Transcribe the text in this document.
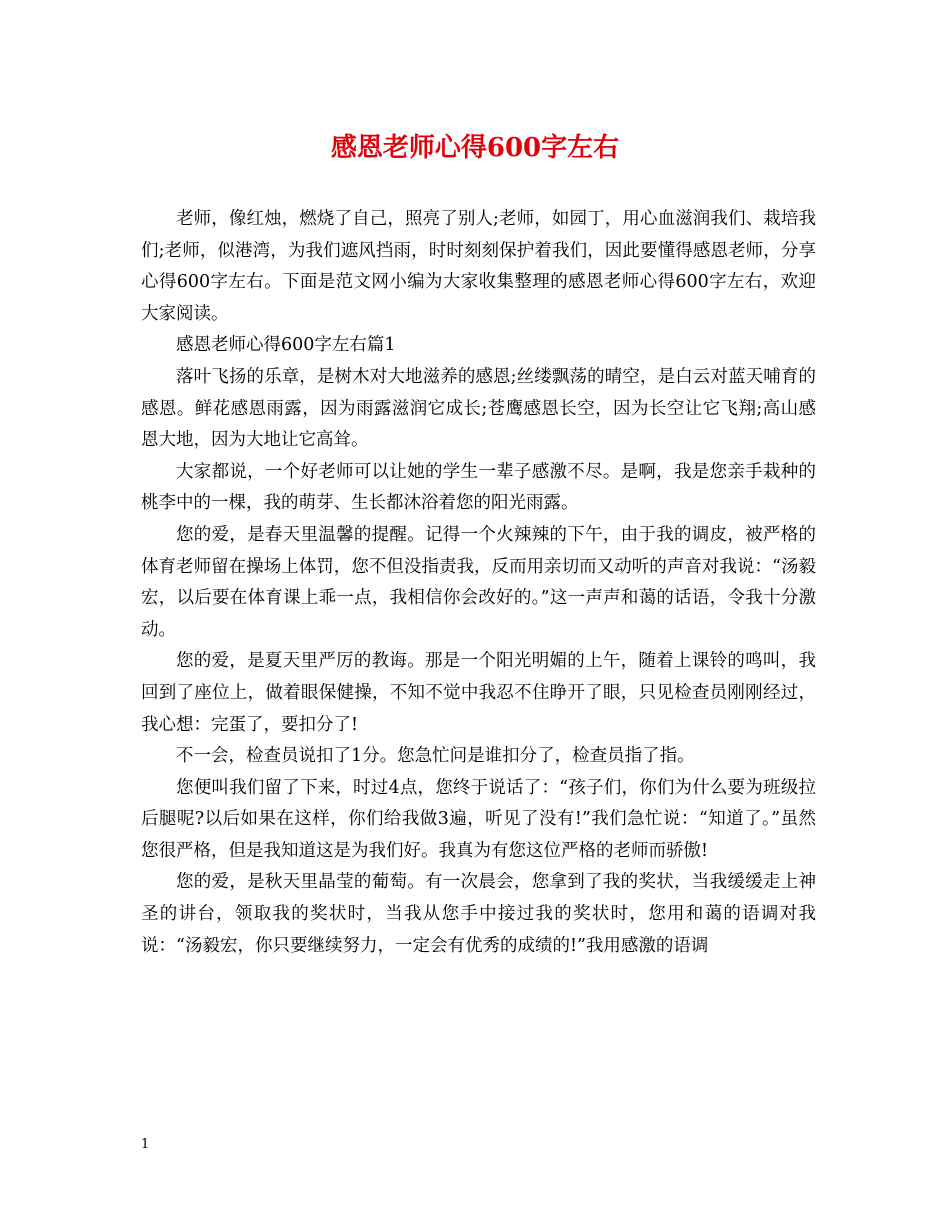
感恩老师心得600字左右

老师，像红烛，燃烧了自己，照亮了别人;老师，如园丁，用心血滋润我们、栽培我们;老师，似港湾，为我们遮风挡雨，时时刻刻保护着我们，因此要懂得感恩老师，分享心得600字左右。下面是范文网小编为大家收集整理的感恩老师心得600字左右，欢迎大家阅读。

感恩老师心得600字左右篇1

落叶飞扬的乐章，是树木对大地滋养的感恩;丝缕飘荡的晴空，是白云对蓝天哺育的感恩。鲜花感恩雨露，因为雨露滋润它成长;苍鹰感恩长空，因为长空让它飞翔;高山感恩大地，因为大地让它高耸。

大家都说，一个好老师可以让她的学生一辈子感激不尽。是啊，我是您亲手栽种的桃李中的一棵，我的萌芽、生长都沐浴着您的阳光雨露。

您的爱，是春天里温馨的提醒。记得一个火辣辣的下午，由于我的调皮，被严格的体育老师留在操场上体罚，您不但没指责我，反而用亲切而又动听的声音对我说：“汤毅宏，以后要在体育课上乖一点，我相信你会改好的。”这一声声和蔼的话语，令我十分激动。

您的爱，是夏天里严厉的教诲。那是一个阳光明媚的上午，随着上课铃的鸣叫，我回到了座位上，做着眼保健操，不知不觉中我忍不住睁开了眼，只见检查员刚刚经过，我心想：完蛋了，要扣分了!

不一会，检查员说扣了1分。您急忙问是谁扣分了，检查员指了指。

您便叫我们留了下来，时过4点，您终于说话了：“孩子们，你们为什么要为班级拉后腿呢?以后如果在这样，你们给我做3遍，听见了没有!”我们急忙说：“知道了。”虽然您很严格，但是我知道这是为我们好。我真为有您这位严格的老师而骄傲!

您的爱，是秋天里晶莹的葡萄。有一次晨会，您拿到了我的奖状，当我缓缓走上神圣的讲台，领取我的奖状时，当我从您手中接过我的奖状时，您用和蔼的语调对我说：“汤毅宏，你只要继续努力，一定会有优秀的成绩的!”我用感激的语调

1
